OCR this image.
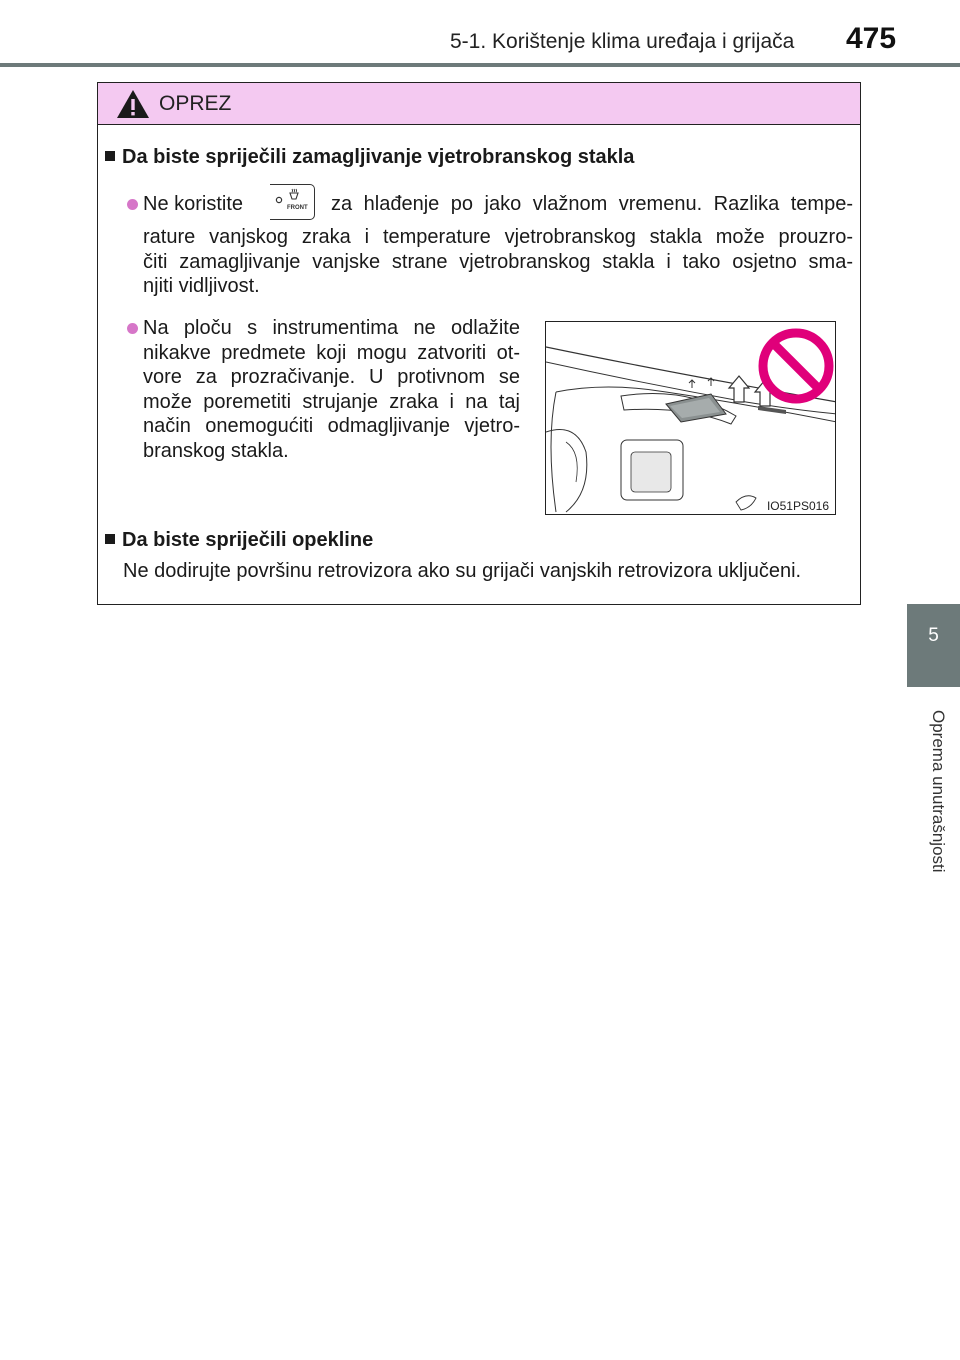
5-1. Korištenje klima uređaja i grijača 475
5
Oprema unutrašnjosti
OPREZ
Da biste spriječili zamagljivanje vjetrobranskog stakla
Ne koristite	FRONT za hlađenje po jako vlažnom vremenu. Razlika tempe-
rature vanjskog zraka i temperature vjetrobranskog stakla može prouzro-
čiti zamagljivanje vanjske strane vjetrobranskog stakla i tako osjetno sma-
njiti vidljivost.
Na ploču s instrumentima ne odlažite
nikakve predmete koji mogu zatvoriti ot-
vore za prozračivanje. U protivnom se
može poremetiti strujanje zraka i na taj
način onemogućiti odmagljivanje vjetro-
branskog stakla.
IO51PS016
Da biste spriječili opekline
Ne dodirujte površinu retrovizora ako su grijači vanjskih retrovizora uključeni.
